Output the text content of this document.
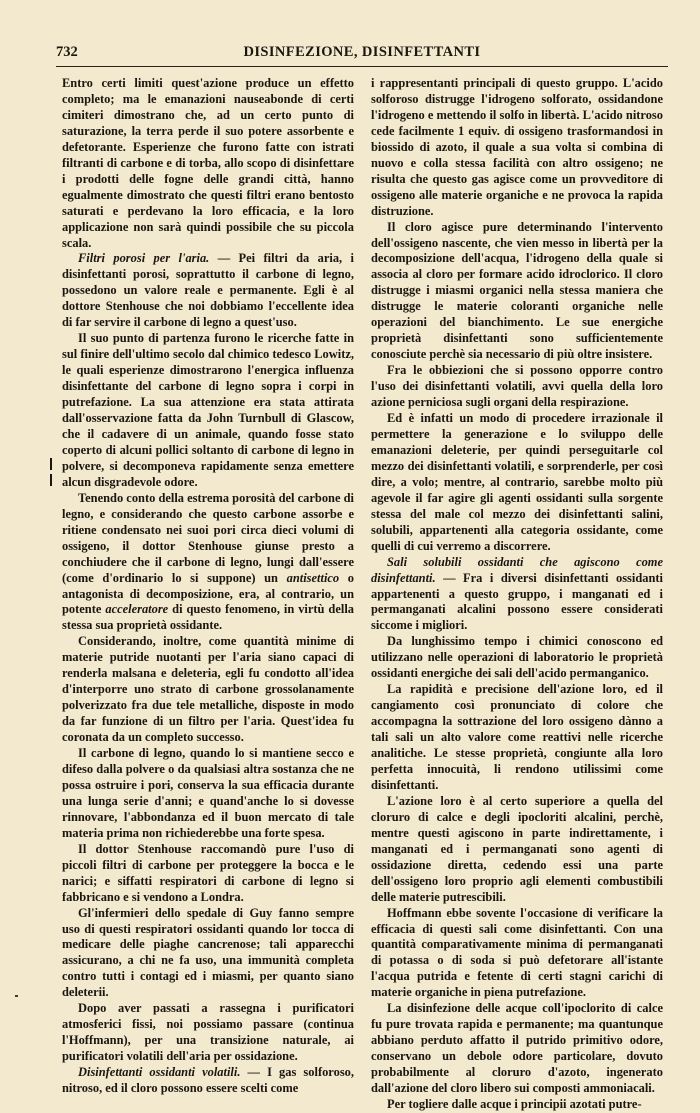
732	DISINFEZIONE, DISINFETTANTI

Entro certi limiti quest'azione produce un effetto completo; ma le emanazioni nauseabonde di certi cimiteri dimostrano che, ad un certo punto di saturazione, la terra perde il suo potere assorbente e defetorante. Esperienze che furono fatte con istrati filtranti di carbone e di torba, allo scopo di disinfettare i prodotti delle fogne delle grandi città, hanno egualmente dimostrato che questi filtri erano bentosto saturati e perdevano la loro efficacia, e la loro applicazione non sarà quindi possibile che su piccola scala.

Filtri porosi per l'aria. — Pei filtri da aria, i disinfettanti porosi, soprattutto il carbone di legno, possedono un valore reale e permanente. Egli è al dottore Stenhouse che noi dobbiamo l'eccellente idea di far servire il carbone di legno a quest'uso.

Il suo punto di partenza furono le ricerche fatte in sul finire dell'ultimo secolo dal chimico tedesco Lowitz, le quali esperienze dimostrarono l'energica influenza disinfettante del carbone di legno sopra i corpi in putrefazione. La sua attenzione era stata attirata dall'osservazione fatta da John Turnbull di Glascow, che il cadavere di un animale, quando fosse stato coperto di alcuni pollici soltanto di carbone di legno in polvere, si decomponeva rapidamente senza emettere alcun disgradevole odore.

Tenendo conto della estrema porosità del carbone di legno, e considerando che questo carbone assorbe e ritiene condensato nei suoi pori circa dieci volumi di ossigeno, il dottor Stenhouse giunse presto a conchiudere che il carbone di legno, lungi dall'essere (come d'ordinario lo si suppone) un antisettico o antagonista di decomposizione, era, al contrario, un potente acceleratore di questo fenomeno, in virtù della stessa sua proprietà ossidante.

Considerando, inoltre, come quantità minime di materie putride nuotanti per l'aria siano capaci di renderla malsana e deleteria, egli fu condotto all'idea d'interporre uno strato di carbone grossolanamente polverizzato fra due tele metalliche, disposte in modo da far funzione di un filtro per l'aria. Quest'idea fu coronata da un completo successo.

Il carbone di legno, quando lo si mantiene secco e difeso dalla polvere o da qualsiasi altra sostanza che ne possa ostruire i pori, conserva la sua efficacia durante una lunga serie d'anni; e quand'anche lo si dovesse rinnovare, l'abbondanza ed il buon mercato di tale materia prima non richiederebbe una forte spesa.

Il dottor Stenhouse raccomandò pure l'uso di piccoli filtri di carbone per proteggere la bocca e le narici; e siffatti respiratori di carbone di legno si fabbricano e si vendono a Londra.

Gl'infermieri dello spedale di Guy fanno sempre uso di questi respiratori ossidanti quando lor tocca di medicare delle piaghe cancrenose; tali apparecchi assicurano, a chi ne fa uso, una immunità completa contro tutti i contagi ed i miasmi, per quanto siano deleterii.

Dopo aver passati a rassegna i purificatori atmosferici fissi, noi possiamo passare (continua l'Hoffmann), per una transizione naturale, ai purificatori volatili dell'aria per ossidazione.

Disinfettanti ossidanti volatili. — I gas solforoso, nitroso, ed il cloro possono essere scelti come

i rappresentanti principali di questo gruppo. L'acido solforoso distrugge l'idrogeno solforato, ossidandone l'idrogeno e mettendo il solfo in libertà. L'acido nitroso cede facilmente 1 equiv. di ossigeno trasformandosi in biossido di azoto, il quale a sua volta si combina di nuovo e colla stessa facilità con altro ossigeno; ne risulta che questo gas agisce come un provveditore di ossigeno alle materie organiche e ne provoca la rapida distruzione.

Il cloro agisce pure determinando l'intervento dell'ossigeno nascente, che vien messo in libertà per la decomposizione dell'acqua, l'idrogeno della quale si associa al cloro per formare acido idroclorico. Il cloro distrugge i miasmi organici nella stessa maniera che distrugge le materie coloranti organiche nelle operazioni del bianchimento. Le sue energiche proprietà disinfettanti sono sufficientemente conosciute perchè sia necessario di più oltre insistere.

Fra le obbiezioni che si possono opporre contro l'uso dei disinfettanti volatili, avvi quella della loro azione perniciosa sugli organi della respirazione.

Ed è infatti un modo di procedere irrazionale il permettere la generazione e lo sviluppo delle emanazioni deleterie, per quindi perseguitarle col mezzo dei disinfettanti volatili, e sorprenderle, per così dire, a volo; mentre, al contrario, sarebbe molto più agevole il far agire gli agenti ossidanti sulla sorgente stessa del male col mezzo dei disinfettanti salini, solubili, appartenenti alla categoria ossidante, come quelli di cui verremo a discorrere.

Sali solubili ossidanti che agiscono come disinfettanti. — Fra i diversi disinfettanti ossidanti appartenenti a questo gruppo, i manganati ed i permanganati alcalini possono essere considerati siccome i migliori.

Da lunghissimo tempo i chimici conoscono ed utilizzano nelle operazioni di laboratorio le proprietà ossidanti energiche dei sali dell'acido permanganico.

La rapidità e precisione dell'azione loro, ed il cangiamento così pronunciato di colore che accompagna la sottrazione del loro ossigeno dànno a tali sali un alto valore come reattivi nelle ricerche analitiche. Le stesse proprietà, congiunte alla loro perfetta innocuità, li rendono utilissimi come disinfettanti.

L'azione loro è al certo superiore a quella del cloruro di calce e degli ipocloriti alcalini, perchè, mentre questi agiscono in parte indirettamente, i manganati ed i permanganati sono agenti di ossidazione diretta, cedendo essi una parte dell'ossigeno loro proprio agli elementi combustibili delle materie putrescibili.

Hoffmann ebbe sovente l'occasione di verificare la efficacia di questi sali come disinfettanti. Con una quantità comparativamente minima di permanganati di potassa o di soda si può defetorare all'istante l'acqua putrida e fetente di certi stagni carichi di materie organiche in piena putrefazione.

La disinfezione delle acque coll'ipoclorito di calce fu pure trovata rapida e permanente; ma quantunque abbiano perduto affatto il putrido primitivo odore, conservano un debole odore particolare, dovuto probabilmente al cloruro d'azoto, ingenerato dall'azione del cloro libero sui composti ammoniacali.

Per togliere dalle acque i principii azotati putre-
